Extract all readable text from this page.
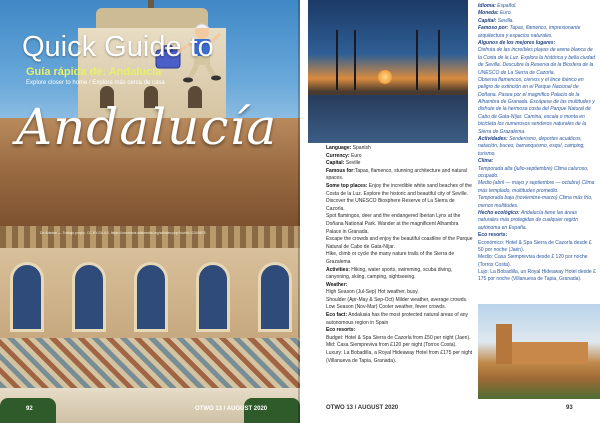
Quick Guide to
Guía rápida de: Andalucía
Explore closer to home / Explora más cerca de casa
Andalucía
De Antoine — Trabajo propio, CC BY-SA 4.0, https://commons.wikimedia.org/w/index.php?curid=12345678
92	OTWO 13 / AUGUST 2020

Language: Spanish

Currency: Euro

Capital: Seville

Famous for:Tapas, flamenco, stunning architecture and natural spaces.

Some top places: Enjoy the incredible white sand beaches of the Costa de la Luz. Explore the historic and beautiful city of Seville. Discover the UNESCO Biosphere Reserve of La Sierra de Cazorla.

Spot flamingos, deer and the endangered Iberian Lynx at the Doñana National Park. Wander at the magnificent Alhambra Palace in Granada.

Escape the crowds and enjoy the beautiful coastline of the Parque Natural de Cabo de Gata-Níjar.

Hike, climb or cycle the many nature trails of the Sierra de Grazalema

Activities: Hiking, water sports, swimming, scuba diving, canyoning, skiing, camping, sightseeing.

Weather:

High Season (Jul-Sep) Hot weather, busy.

Shoulder (Apr-May & Sep-Oct) Milder weather, average crowds.

Low Season (Nov-Mar) Cooler weather, fewer crowds.

Eco fact: Andalusia has the most protected natural areas of any autonomous region in Spain

Eco resorts:

Budget: Hotel & Spa Sierra de Cazorla from £50 per night (Jaen).

Mid: Casa Siempreviva from £120 per night (Torrox Costa).

Luxury: La Bobadilla, a Royal Hideaway Hotel from £175 per night (Villanueva de Tapia, Granada).

Idioma: Español.

Moneda: Euro.

Capital: Sevilla.

Famoso por: Tapas, flamenco, impresionante arquitectura y espacios naturales.

Algunos de los mejores lugares:

Disfruta de las increíbles playas de arena blanca de la Costa de la Luz. Explora la histórica y bella ciudad de Sevilla. Descubre la Reserva de la Biosfera de la UNESCO de La Sierra de Cazorla.

Observa flamencos, ciervos y el lince ibérico en peligro de extinción en el Parque Nacional de Doñana. Pasea por el magnífico Palacio de la Alhambra de Granada. Escápese de las multitudes y disfrute de la hermosa costa del Parque Natural de Cabo de Gata-Níjar. Camina, escala o monta en bicicleta los numerosos senderos naturales de la Sierra de Grazalema.

Actividades: Senderismo, deportes acuáticos, natación, buceo, barranquismo, esquí, camping, turismo.

Clima:

Temporada alta (julio-septiembre) Clima caluroso, ocupado.

Medio (abril — mayo y septiembre — octubre) Clima más templado, multitudes promedio.

Temporada baja (noviembre-marzo) Clima más frío, menos multitudes.

Hecho ecológico: Andalucía tiene las áreas naturales más protegidas de cualquier región autónoma en España.

Eco resorts:

Económico: Hotel & Spa Sierra de Cazorla desde £ 50 por noche (Jaén).

Medio: Casa Siempreviva desde £ 120 por noche (Torrox Costa).

Lujo: La Bobadilla, un Royal Hideaway Hotel desde £ 175 por noche (Villanueva de Tapia, Granada).

OTWO 13 / AUGUST 2020	93
